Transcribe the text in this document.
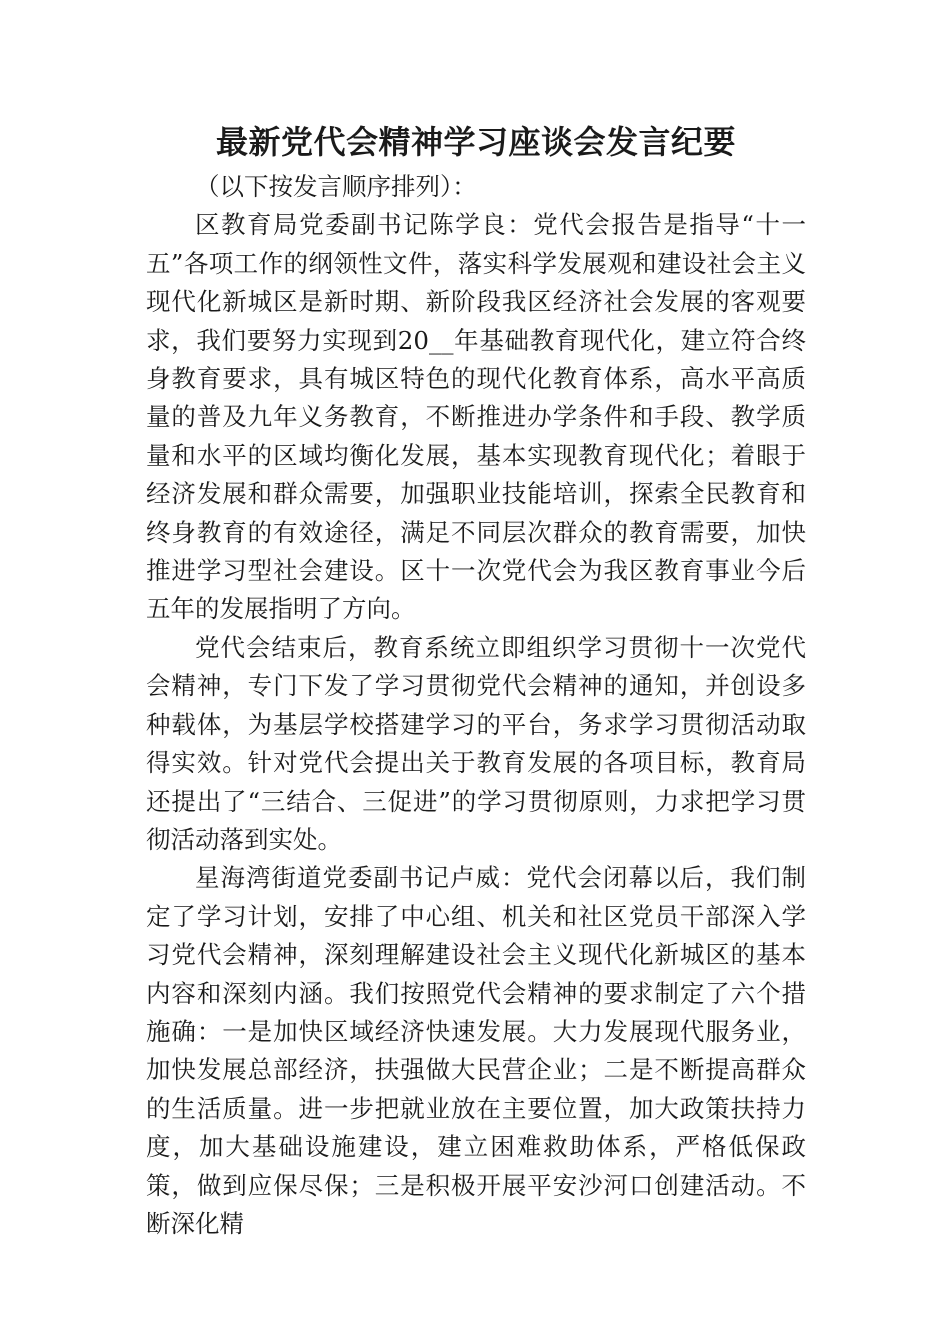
最新党代会精神学习座谈会发言纪要

（以下按发言顺序排列）：

区教育局党委副书记陈学良：党代会报告是指导“十一五”各项工作的纲领性文件，落实科学发展观和建设社会主义现代化新城区是新时期、新阶段我区经济社会发展的客观要求，我们要努力实现到20__年基础教育现代化，建立符合终身教育要求，具有城区特色的现代化教育体系，高水平高质量的普及九年义务教育，不断推进办学条件和手段、教学质量和水平的区域均衡化发展，基本实现教育现代化；着眼于经济发展和群众需要，加强职业技能培训，探索全民教育和终身教育的有效途径，满足不同层次群众的教育需要，加快推进学习型社会建设。区十一次党代会为我区教育事业今后五年的发展指明了方向。

党代会结束后，教育系统立即组织学习贯彻十一次党代会精神，专门下发了学习贯彻党代会精神的通知，并创设多种载体，为基层学校搭建学习的平台，务求学习贯彻活动取得实效。针对党代会提出关于教育发展的各项目标，教育局还提出了“三结合、三促进”的学习贯彻原则，力求把学习贯彻活动落到实处。

星海湾街道党委副书记卢威：党代会闭幕以后，我们制定了学习计划，安排了中心组、机关和社区党员干部深入学习党代会精神，深刻理解建设社会主义现代化新城区的基本内容和深刻内涵。我们按照党代会精神的要求制定了六个措施确：一是加快区域经济快速发展。大力发展现代服务业，加快发展总部经济，扶强做大民营企业；二是不断提高群众的生活质量。进一步把就业放在主要位置，加大政策扶持力度，加大基础设施建设，建立困难救助体系，严格低保政策，做到应保尽保；三是积极开展平安沙河口创建活动。不断深化精
